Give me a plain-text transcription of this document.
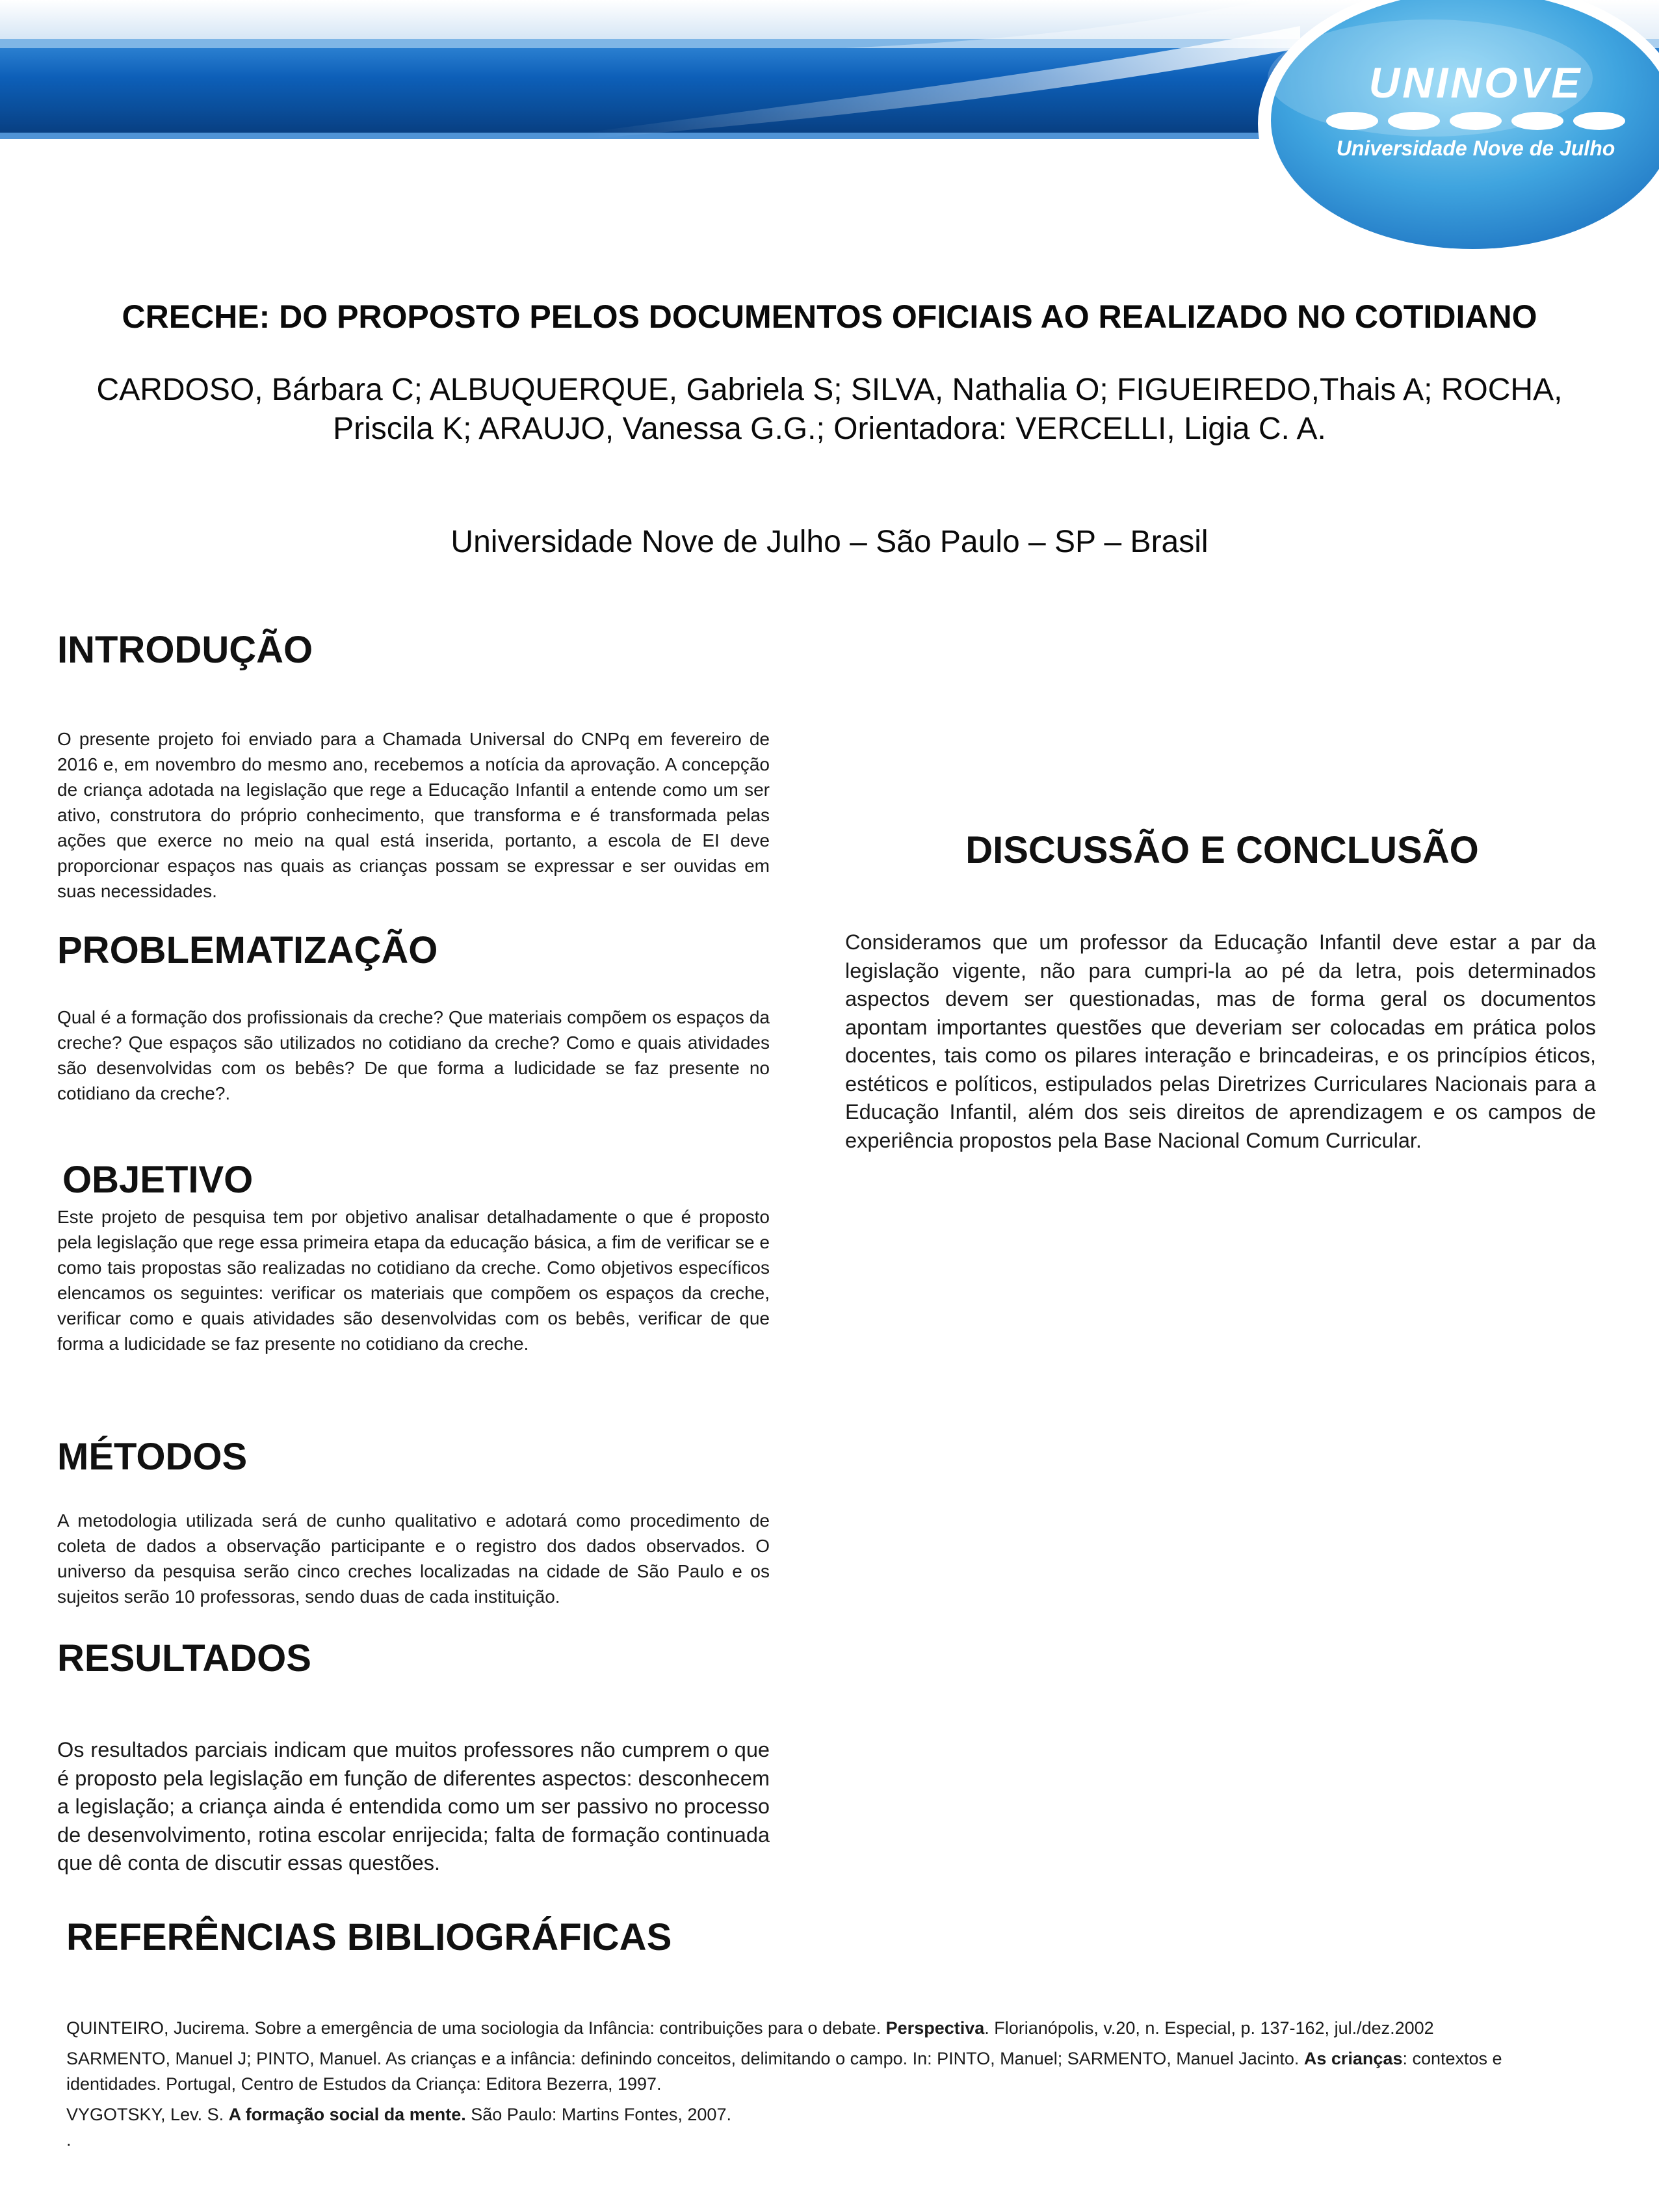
UNINOVE
Universidade Nove de Julho
CRECHE: DO PROPOSTO PELOS DOCUMENTOS OFICIAIS AO REALIZADO NO COTIDIANO
CARDOSO, Bárbara C; ALBUQUERQUE, Gabriela S; SILVA, Nathalia O; FIGUEIREDO,Thais A; ROCHA,
Priscila K; ARAUJO, Vanessa G.G.; Orientadora: VERCELLI, Ligia C. A.
Universidade Nove de Julho – São Paulo – SP – Brasil
INTRODUÇÃO

O presente projeto foi enviado para a Chamada Universal do CNPq em fevereiro de 2016 e, em novembro do mesmo ano, recebemos a notícia da aprovação. A concepção de criança adotada na legislação que rege a Educação Infantil a entende como um ser ativo, construtora do próprio conhecimento, que transforma e é transformada pelas ações que exerce no meio na qual está inserida, portanto, a escola de EI deve proporcionar espaços nas quais as crianças possam se expressar e ser ouvidas em suas necessidades.

PROBLEMATIZAÇÃO

Qual é a formação dos profissionais da creche? Que materiais compõem os espaços da creche? Que espaços são utilizados no cotidiano da creche? Como e quais atividades são desenvolvidas com os bebês? De que forma a ludicidade se faz presente no cotidiano da creche?.

OBJETIVO

Este projeto de pesquisa tem por objetivo analisar detalhadamente o que é proposto pela legislação que rege essa primeira etapa da educação básica, a fim de verificar se e como tais propostas são realizadas no cotidiano da creche. Como objetivos específicos elencamos os seguintes: verificar os materiais que compõem os espaços da creche, verificar como e quais atividades são desenvolvidas com os bebês, verificar de que forma a ludicidade se faz presente no cotidiano da creche.

MÉTODOS

A metodologia utilizada será de cunho qualitativo e adotará como procedimento de coleta de dados a observação participante e o registro dos dados observados. O universo da pesquisa serão cinco creches localizadas na cidade de São Paulo e os sujeitos serão 10 professoras, sendo duas de cada instituição.

RESULTADOS

Os resultados parciais indicam que muitos professores não cumprem o que é proposto pela legislação em função de diferentes aspectos: desconhecem a legislação; a criança ainda é entendida como um ser passivo no processo de desenvolvimento, rotina escolar enrijecida; falta de formação continuada que dê conta de discutir essas questões.

DISCUSSÃO E CONCLUSÃO

Consideramos que um professor da Educação Infantil deve estar a par da legislação vigente, não para cumpri-la ao pé da letra, pois determinados aspectos devem ser questionadas, mas de forma geral os documentos apontam importantes questões que deveriam ser colocadas em prática polos docentes, tais como os pilares interação e brincadeiras, e os princípios éticos, estéticos e políticos, estipulados pelas Diretrizes Curriculares Nacionais para a Educação Infantil, além dos seis direitos de aprendizagem e os campos de experiência propostos pela Base Nacional Comum Curricular.

REFERÊNCIAS BIBLIOGRÁFICAS

QUINTEIRO, Jucirema. Sobre a emergência de uma sociologia da Infância: contribuições para o debate. Perspectiva. Florianópolis, v.20, n. Especial, p. 137-162, jul./dez.2002

SARMENTO, Manuel J; PINTO, Manuel. As crianças e a infância: definindo conceitos, delimitando o campo. In: PINTO, Manuel; SARMENTO, Manuel Jacinto. As crianças: contextos e identidades. Portugal, Centro de Estudos da Criança: Editora Bezerra, 1997.

VYGOTSKY, Lev. S. A formação social da mente. São Paulo: Martins Fontes, 2007.

.
